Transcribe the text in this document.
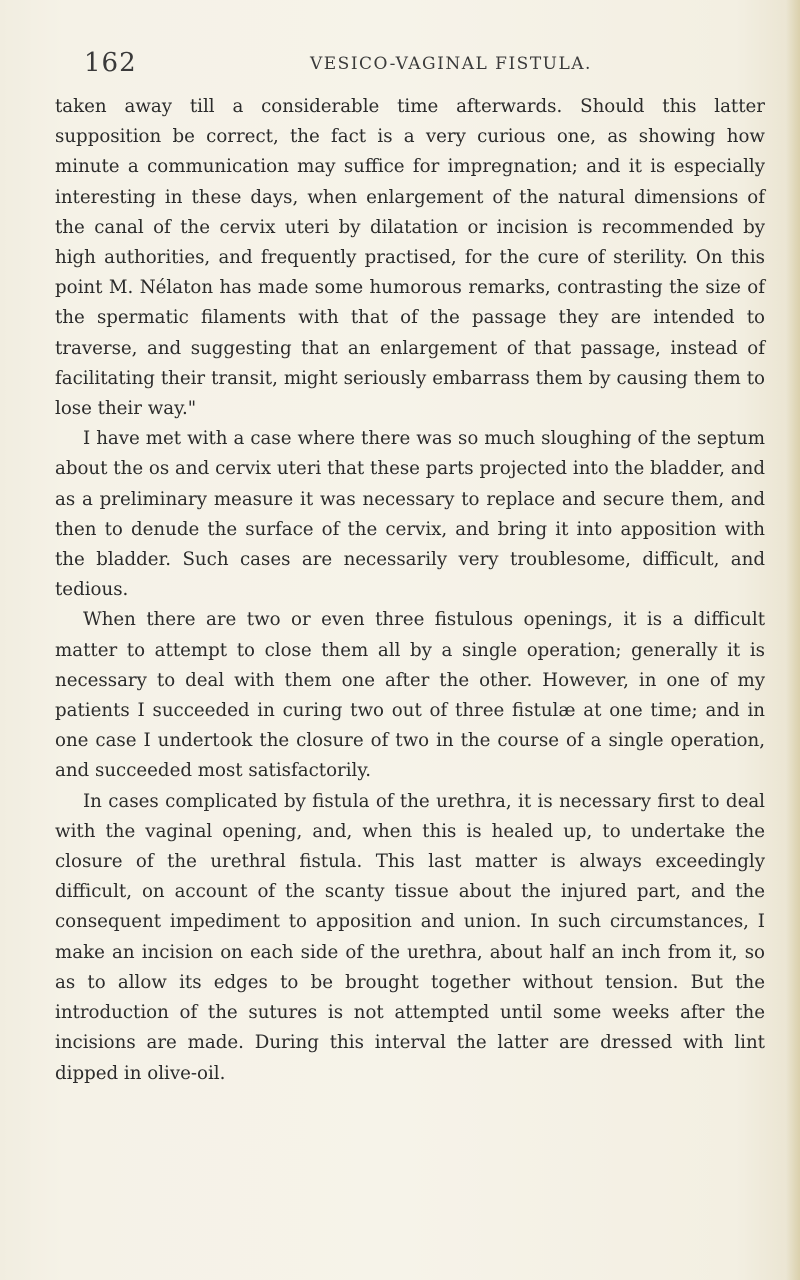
162	VESICO-VAGINAL FISTULA.

taken away till a considerable time afterwards. Should this latter supposition be correct, the fact is a very curious one, as showing how minute a communication may suffice for impregnation; and it is especially interesting in these days, when enlargement of the natural dimensions of the canal of the cervix uteri by dilatation or incision is recommended by high authorities, and frequently practised, for the cure of sterility. On this point M. Nélaton has made some humorous remarks, contrasting the size of the spermatic filaments with that of the passage they are intended to traverse, and suggesting that an enlargement of that passage, instead of facilitating their transit, might seriously embarrass them by causing them to lose their way."

I have met with a case where there was so much sloughing of the septum about the os and cervix uteri that these parts projected into the bladder, and as a preliminary measure it was necessary to replace and secure them, and then to denude the surface of the cervix, and bring it into apposition with the bladder. Such cases are necessarily very troublesome, difficult, and tedious.

When there are two or even three fistulous openings, it is a difficult matter to attempt to close them all by a single operation; generally it is necessary to deal with them one after the other. However, in one of my patients I succeeded in curing two out of three fistulæ at one time; and in one case I undertook the closure of two in the course of a single operation, and succeeded most satisfactorily.

In cases complicated by fistula of the urethra, it is necessary first to deal with the vaginal opening, and, when this is healed up, to undertake the closure of the urethral fistula. This last matter is always exceedingly difficult, on account of the scanty tissue about the injured part, and the consequent impediment to apposition and union. In such circumstances, I make an incision on each side of the urethra, about half an inch from it, so as to allow its edges to be brought together without tension. But the introduction of the sutures is not attempted until some weeks after the incisions are made. During this interval the latter are dressed with lint dipped in olive-oil.
